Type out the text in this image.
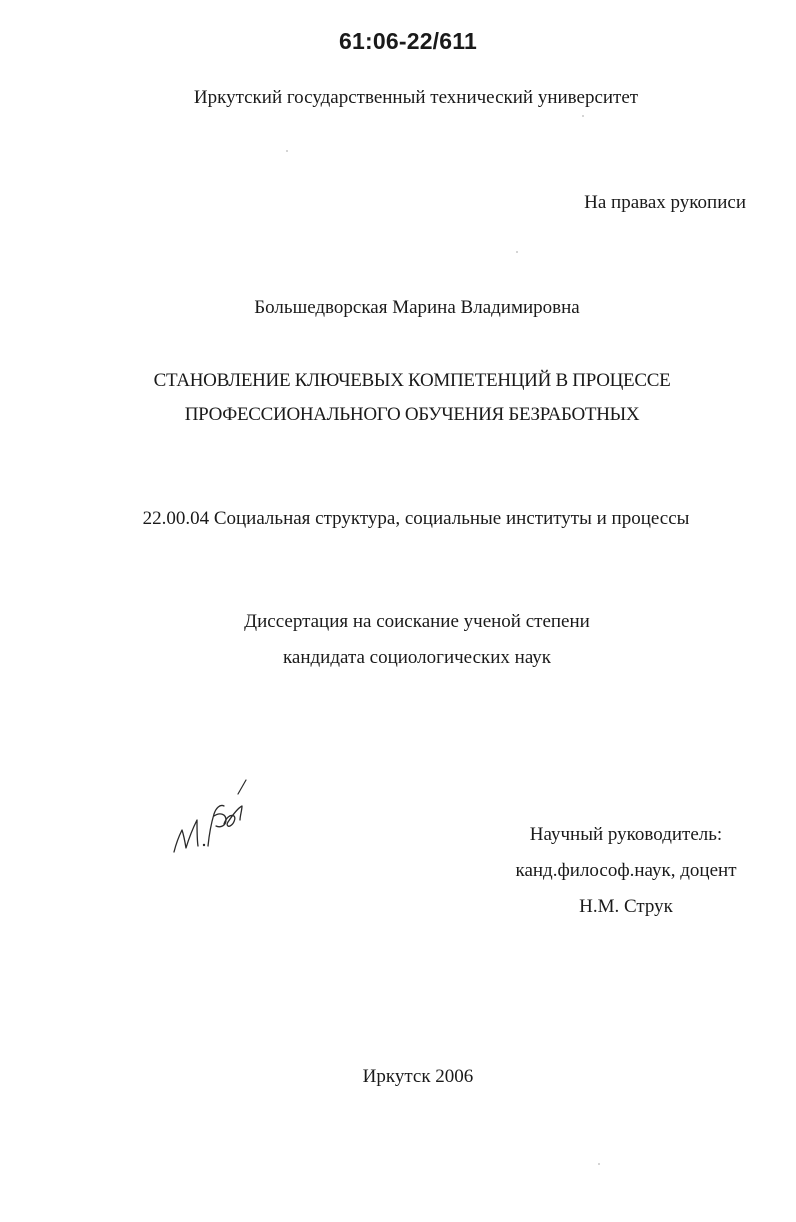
61:06-22/611
Иркутский государственный технический университет
На правах рукописи
Большедворская Марина Владимировна
СТАНОВЛЕНИЕ КЛЮЧЕВЫХ КОМПЕТЕНЦИЙ В ПРОЦЕССЕ
ПРОФЕССИОНАЛЬНОГО ОБУЧЕНИЯ БЕЗРАБОТНЫХ
22.00.04 Социальная структура, социальные институты и процессы
Диссертация на соискание ученой степени
кандидата социологических наук
Научный руководитель:
канд.философ.наук, доцент
Н.М. Струк
Иркутск 2006
